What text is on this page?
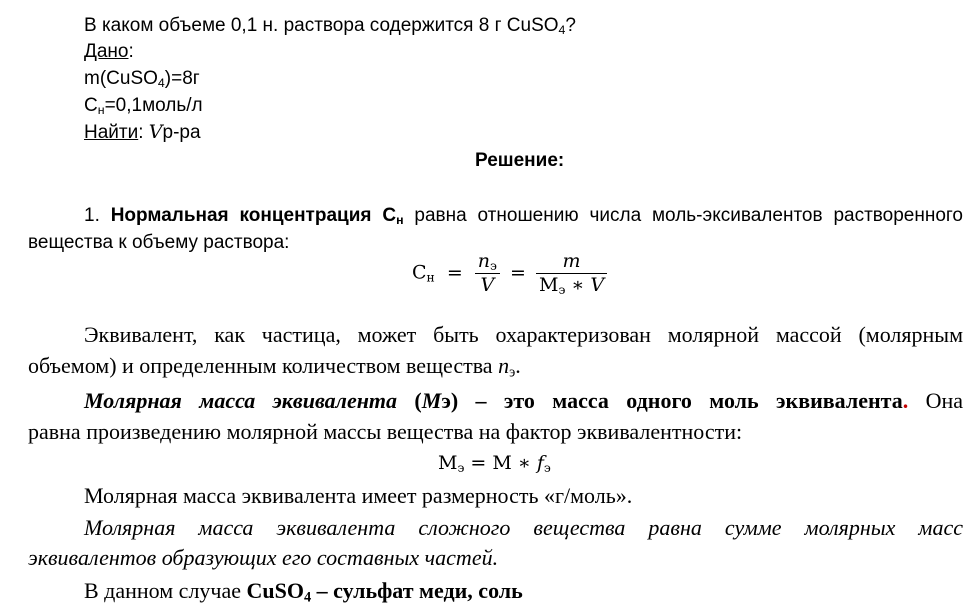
В каком объеме 0,1 н. раствора содержится 8 г CuSO$_4$?
Дано:
m(CuSO$_4$)=8г
$С_н=0,1моль/л$
Найти: Vр-ра
Решение:
1. Нормальная концентрация $С_н$ равна отношению числа моль-эксивалентов растворенного
вещества к объему раствора:
$С_н = \frac{n_э}{V} = \frac{m}{М_э ∗ V}$
Эквивалент, как частица, может быть охарактеризован молярной массой (молярным
объемом) и определенным количеством вещества $n_э$.
Молярная масса эквивалента (Мэ) – это масса одного моль эквивалента. Она
равна произведению молярной массы вещества на фактор эквивалентности:
$М_э = М$ ∗ $f_э$
Молярная масса эквивалента имеет размерность «г/моль».
Молярная масса эквивалента сложного вещества равна сумме молярных масс
эквивалентов образующих его составных частей.
В данном случае CuSO$_4$ – сульфат меди, соль
